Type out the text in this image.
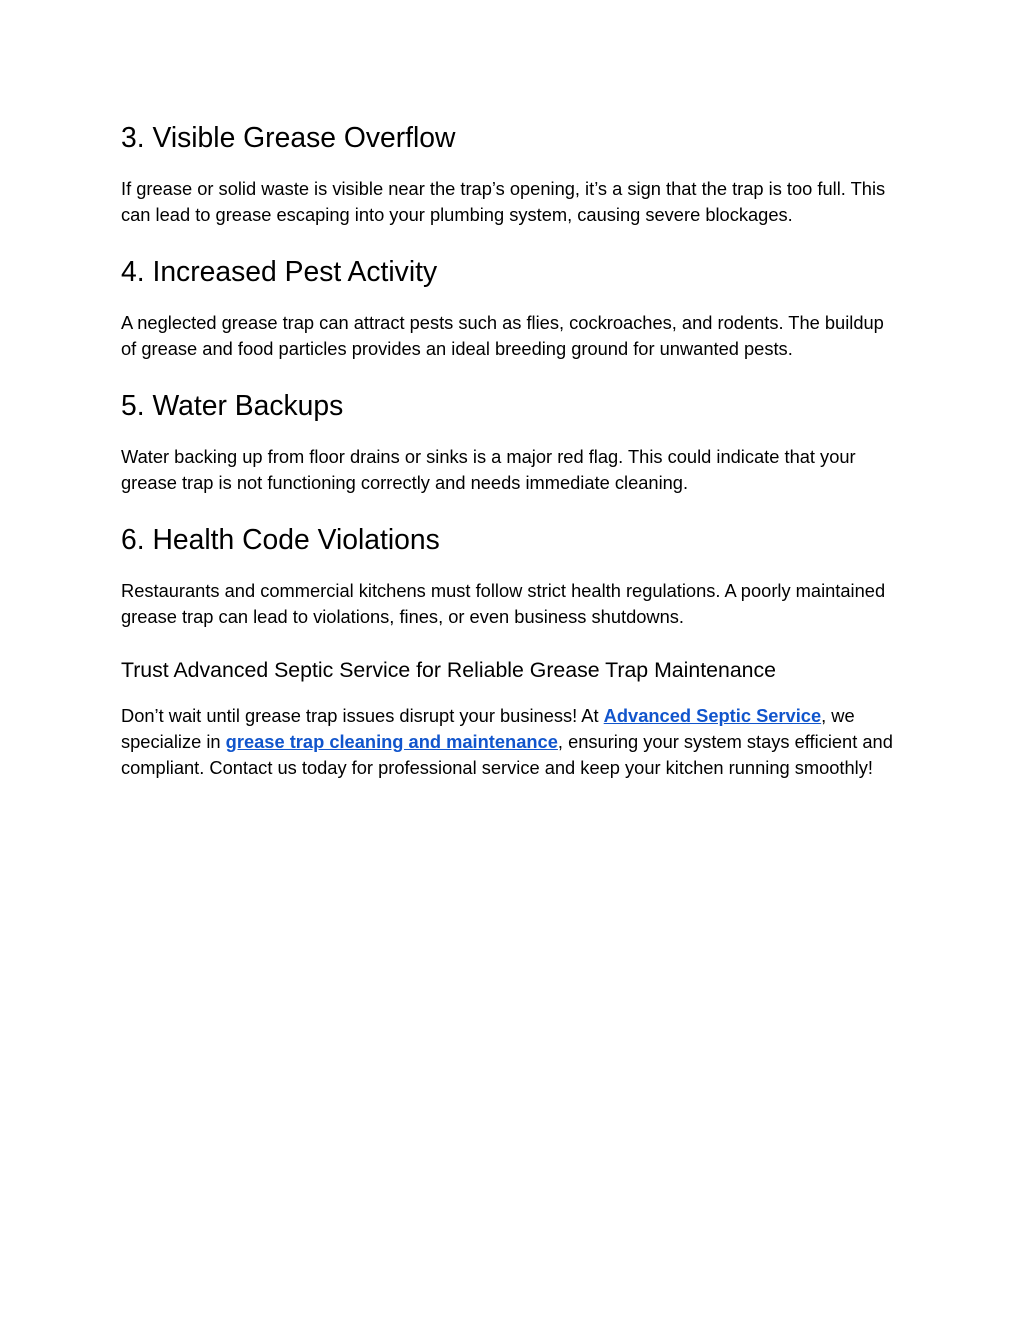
3. Visible Grease Overflow

If grease or solid waste is visible near the trap’s opening, it’s a sign that the trap is too full. This can lead to grease escaping into your plumbing system, causing severe blockages.

4. Increased Pest Activity

A neglected grease trap can attract pests such as flies, cockroaches, and rodents. The buildup of grease and food particles provides an ideal breeding ground for unwanted pests.

5. Water Backups

Water backing up from floor drains or sinks is a major red flag. This could indicate that your grease trap is not functioning correctly and needs immediate cleaning.

6. Health Code Violations

Restaurants and commercial kitchens must follow strict health regulations. A poorly maintained grease trap can lead to violations, fines, or even business shutdowns.

Trust Advanced Septic Service for Reliable Grease Trap Maintenance

Don’t wait until grease trap issues disrupt your business! At Advanced Septic Service, we specialize in grease trap cleaning and maintenance, ensuring your system stays efficient and compliant. Contact us today for professional service and keep your kitchen running smoothly!
